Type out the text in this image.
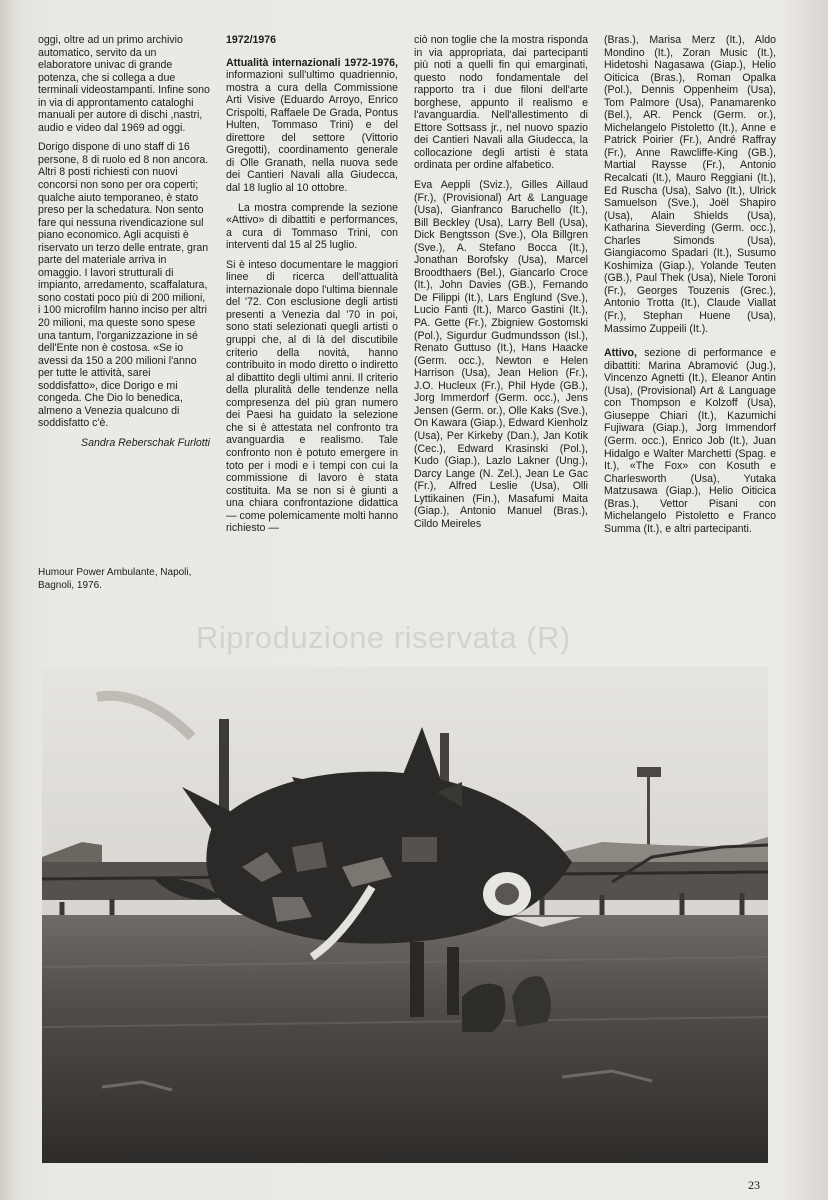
oggi, oltre ad un primo archivio automatico, servito da un elaboratore univac di grande potenza, che si collega a due terminali videostampanti. Infine sono in via di approntamento cataloghi manuali per autore di dischi ,nastri, audio e video dal 1969 ad oggi.

Dorigo dispone di uno staff di 16 persone, 8 di ruolo ed 8 non ancora. Altri 8 posti richiesti con nuovi concorsi non sono per ora coperti; qualche aiuto temporaneo, è stato preso per la schedatura. Non sento fare qui nessuna rivendicazione sul piano economico. Agli acquisti è riservato un terzo delle entrate, gran parte del materiale arriva in omaggio. I lavori strutturali di impianto, arredamento, scaffalatura, sono costati poco più di 200 milioni, i 100 microfilm hanno inciso per altri 20 milioni, ma queste sono spese una tantum, l'organizzazione in sé dell'Ente non è costosa. «Se io avessi da 150 a 200 milioni l'anno per tutte le attività, sarei soddisfatto», dice Dorigo e mi congeda. Che Dio lo benedica, almeno a Venezia qualcuno di soddisfatto c'è.

Sandra Reberschak Furlotti

Humour Power Ambulante, Napoli, Bagnoli, 1976.
1972/1976

Attualità internazionali 1972-1976, informazioni sull'ultimo quadriennio, mostra a cura della Commissione Arti Visive (Eduardo Arroyo, Enrico Crispolti, Raffaele De Grada, Pontus Hulten, Tommaso Trini) e del direttore del settore (Vittorio Gregotti), coordinamento generale di Olle Granath, nella nuova sede dei Cantieri Navali alla Giudecca, dal 18 luglio al 10 ottobre.

La mostra comprende la sezione «Attivo» di dibattiti e performances, a cura di Tommaso Trini, con interventi dal 15 al 25 luglio.

Si è inteso documentare le maggiori linee di ricerca dell'attualità internazionale dopo l'ultima biennale del '72. Con esclusione degli artisti presenti a Venezia dal '70 in poi, sono stati selezionati quegli artisti o gruppi che, al di là del discutibile criterio della novità, hanno contribuito in modo diretto o indiretto al dibattito degli ultimi anni. Il criterio della pluralità delle tendenze nella compresenza del più gran numero dei Paesi ha guidato la selezione che si è attestata nel confronto tra avanguardia e realismo. Tale confronto non è potuto emergere in toto per i modi e i tempi con cui la commissione di lavoro è stata costituita. Ma se non si è giunti a una chiara confrontazione didattica — come polemicamente molti hanno richiesto —

ciò non toglie che la mostra risponda in via appropriata, dai partecipanti più noti a quelli fin qui emarginati, questo nodo fondamentale del rapporto tra i due filoni dell'arte borghese, appunto il realismo e l'avanguardia. Nell'allestimento di Ettore Sottsass jr., nel nuovo spazio dei Cantieri Navali alla Giudecca, la collocazione degli artisti è stata ordinata per ordine alfabetico.

Eva Aeppli (Sviz.), Gilles Aillaud (Fr.), (Provisional) Art & Language (Usa), Gianfranco Baruchello (It.), Bill Beckley (Usa), Larry Bell (Usa), Dick Bengtsson (Sve.), Ola Billgren (Sve.), A. Stefano Bocca (It.), Jonathan Borofsky (Usa), Marcel Broodthaers (Bel.), Giancarlo Croce (It.), John Davies (GB.), Fernando De Filippi (It.), Lars Englund (Sve.), Lucio Fanti (It.), Marco Gastini (It.), PA. Gette (Fr.), Zbigniew Gostomski (Pol.), Sigurdur Gudmundsson (Isl.), Renato Guttuso (It.), Hans Haacke (Germ. occ.), Newton e Helen Harrison (Usa), Jean Helion (Fr.), J.O. Hucleux (Fr.), Phil Hyde (GB.), Jorg Immerdorf (Germ. occ.), Jens Jensen (Germ. or.), Olle Kaks (Sve.), On Kawara (Giap.), Edward Kienholz (Usa), Per Kirkeby (Dan.), Jan Kotik (Cec.), Edward Krasinski (Pol.), Kudo (Giap.), Lazlo Lakner (Ung.), Darcy Lange (N. Zel.), Jean Le Gac (Fr.), Alfred Leslie (Usa), Olli Lyttikainen (Fin.), Masafumi Maita (Giap.), Antonio Manuel (Bras.), Cildo Meireles

(Bras.), Marisa Merz (It.), Aldo Mondino (It.), Zoran Music (It.), Hidetoshi Nagasawa (Giap.), Helio Oiticica (Bras.), Roman Opalka (Pol.), Dennis Oppenheim (Usa), Tom Palmore (Usa), Panamarenko (Bel.), AR. Penck (Germ. or.), Michelangelo Pistoletto (It.), Anne e Patrick Poirier (Fr.), André Raffray (Fr.), Anne Rawcliffe-King (GB.), Martial Raysse (Fr.), Antonio Recalcati (It.), Mauro Reggiani (It.), Ed Ruscha (Usa), Salvo (It.), Ulrick Samuelson (Sve.), Joël Shapiro (Usa), Alain Shields (Usa), Katharina Sieverding (Germ. occ.), Charles Simonds (Usa), Giangiacomo Spadari (It.), Susumo Koshimiza (Giap.), Yolande Teuten (GB.), Paul Thek (Usa), Niele Toroni (Fr.), Georges Touzenis (Grec.), Antonio Trotta (It.), Claude Viallat (Fr.), Stephan Huene (Usa), Massimo Zuppeili (It.).

Attivo, sezione di performance e dibattiti: Marina Abramović (Jug.), Vincenzo Agnetti (It.), Eleanor Antin (Usa), (Provisional) Art & Language con Thompson e Kolzoff (Usa), Giuseppe Chiari (It.), Kazumichi Fujiwara (Giap.), Jorg Immendorf (Germ. occ.), Enrico Job (It.), Juan Hidalgo e Walter Marchetti (Spag. e It.), «The Fox» con Kosuth e Charlesworth (Usa), Yutaka Matzusawa (Giap.), Helio Oiticica (Bras.), Vettor Pisani con Michelangelo Pistoletto e Franco Summa (It.), e altri partecipanti.

Riproduzione riservata (R)
23
